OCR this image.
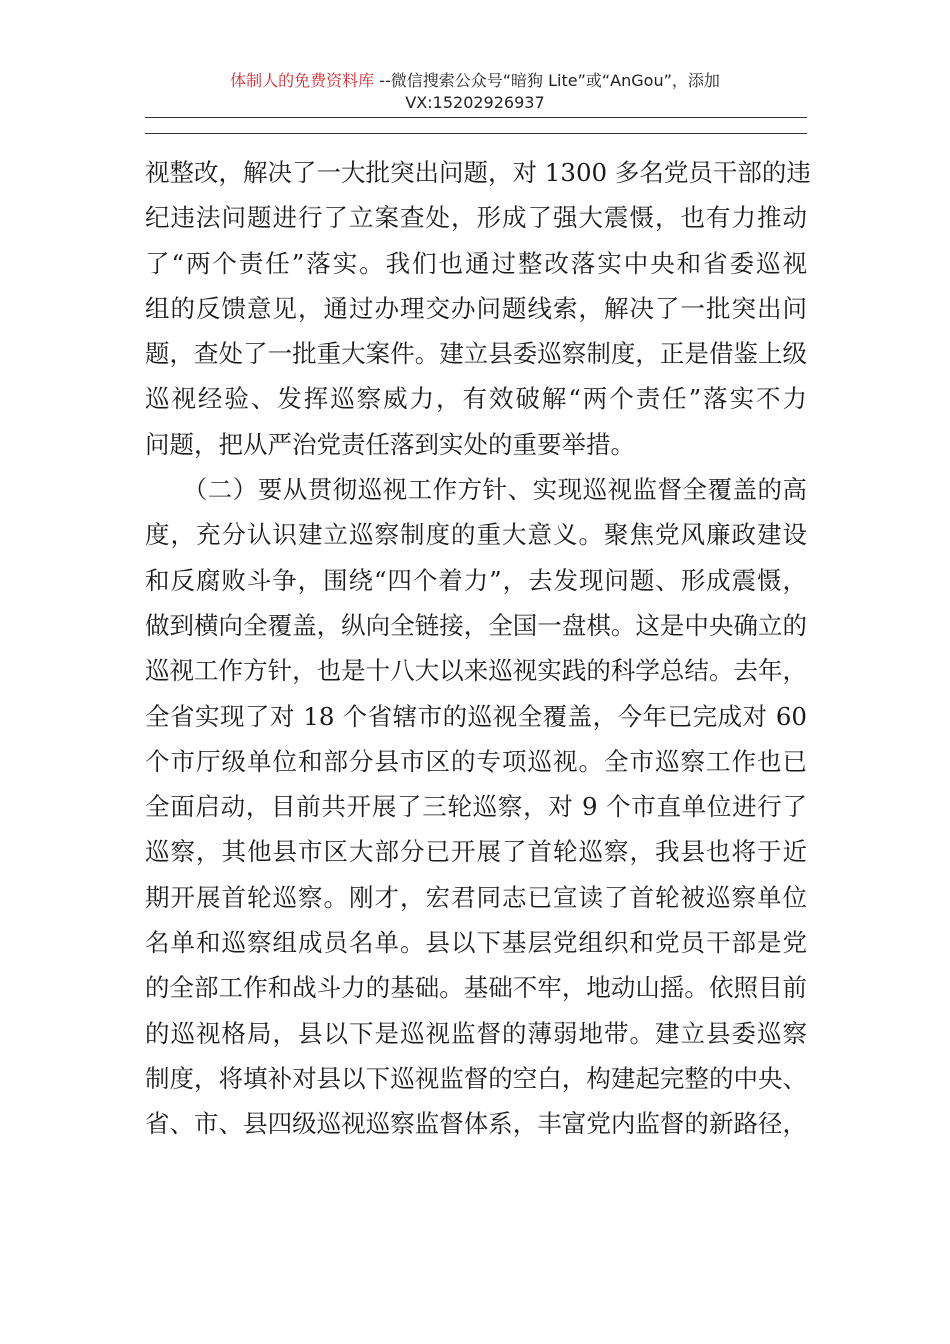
体制人的免费资料库 --微信搜索公众号“暗狗 Lite”或“AnGou”，添加
VX:15202926937
视整改，解决了一大批突出问题，对 1300 多名党员干部的违
纪违法问题进行了立案查处，形成了强大震慑，也有力推动
了“两个责任”落实。我们也通过整改落实中央和省委巡视
组的反馈意见，通过办理交办问题线索，解决了一批突出问
题，查处了一批重大案件。建立县委巡察制度，正是借鉴上级
巡视经验、发挥巡察威力，有效破解“两个责任”落实不力
问题，把从严治党责任落到实处的重要举措。
　　（二）要从贯彻巡视工作方针、实现巡视监督全覆盖的高
度，充分认识建立巡察制度的重大意义。聚焦党风廉政建设
和反腐败斗争，围绕“四个着力”，去发现问题、形成震慑，
做到横向全覆盖，纵向全链接，全国一盘棋。这是中央确立的
巡视工作方针，也是十八大以来巡视实践的科学总结。去年，
全省实现了对 18 个省辖市的巡视全覆盖，今年已完成对 60
个市厅级单位和部分县市区的专项巡视。全市巡察工作也已
全面启动，目前共开展了三轮巡察，对 9 个市直单位进行了
巡察，其他县市区大部分已开展了首轮巡察，我县也将于近
期开展首轮巡察。刚才，宏君同志已宣读了首轮被巡察单位
名单和巡察组成员名单。县以下基层党组织和党员干部是党
的全部工作和战斗力的基础。基础不牢，地动山摇。依照目前
的巡视格局，县以下是巡视监督的薄弱地带。建立县委巡察
制度，将填补对县以下巡视监督的空白，构建起完整的中央、
省、市、县四级巡视巡察监督体系，丰富党内监督的新路径，
